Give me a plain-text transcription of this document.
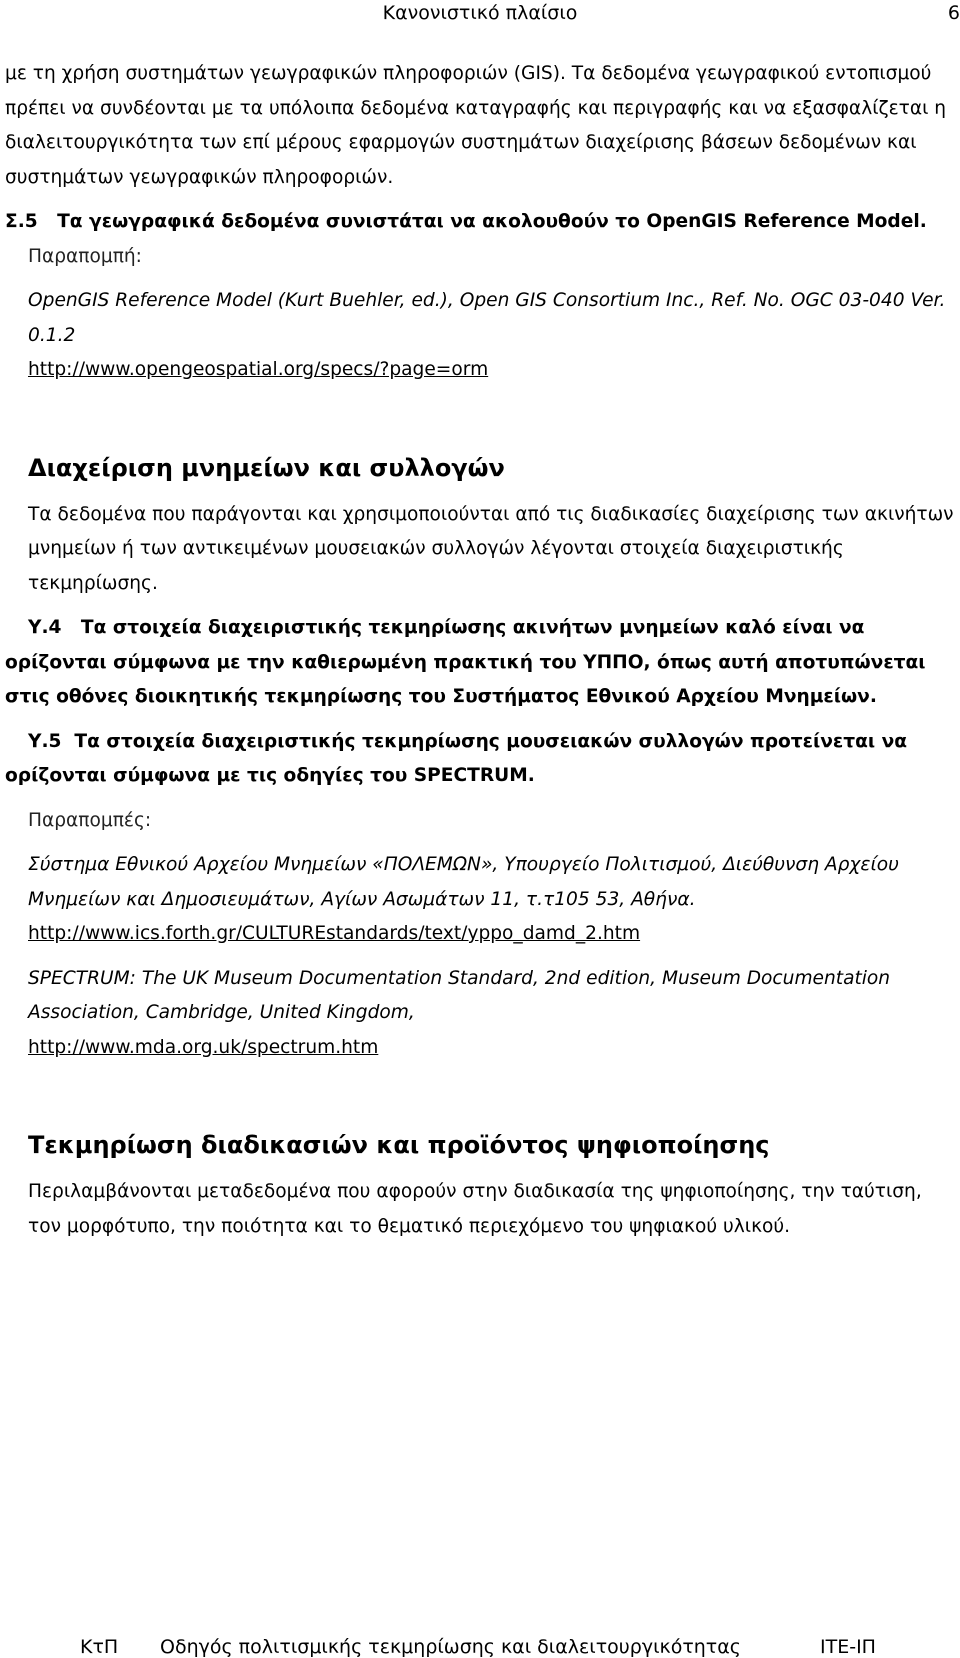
Κανονιστικό πλαίσιο	6

με τη χρήση συστημάτων γεωγραφικών πληροφοριών (GIS). Τα δεδομένα γεωγραφικού εντοπισμού πρέπει να συνδέονται με τα υπόλοιπα δεδομένα καταγραφής και περιγραφής και να εξασφαλίζεται η διαλειτουργικότητα των επί μέρους εφαρμογών συστημάτων διαχείρισης βάσεων δεδομένων και συστημάτων γεωγραφικών πληροφοριών.

Σ.5 Τα γεωγραφικά δεδομένα συνιστάται να ακολουθούν το OpenGIS Reference Model.

Παραπομπή:

OpenGIS Reference Model (Kurt Buehler, ed.), Open GIS Consortium Inc., Ref. No. OGC 03-040 Ver. 0.1.2

http://www.opengeospatial.org/specs/?page=orm

Διαχείριση μνημείων και συλλογών

Τα δεδομένα που παράγονται και χρησιμοποιούνται από τις διαδικασίες διαχείρισης των ακινήτων μνημείων ή των αντικειμένων μουσειακών συλλογών λέγονται στοιχεία διαχειριστικής τεκμηρίωσης.

Υ.4 Τα στοιχεία διαχειριστικής τεκμηρίωσης ακινήτων μνημείων καλό είναι να ορίζονται σύμφωνα με την καθιερωμένη πρακτική του ΥΠΠΟ, όπως αυτή αποτυπώνεται στις οθόνες διοικητικής τεκμηρίωσης του Συστήματος Εθνικού Αρχείου Μνημείων.

Υ.5 Τα στοιχεία διαχειριστικής τεκμηρίωσης μουσειακών συλλογών προτείνεται να ορίζονται σύμφωνα με τις οδηγίες του SPECTRUM.

Παραπομπές:

Σύστημα Εθνικού Αρχείου Μνημείων «ΠΟΛΕΜΩΝ», Υπουργείο Πολιτισμού, Διεύθυνση Αρχείου Μνημείων και Δημοσιευμάτων, Αγίων Ασωμάτων 11, τ.τ105 53, Αθήνα.

http://www.ics.forth.gr/CULTUREstandards/text/yppo_damd_2.htm

SPECTRUM: The UK Museum Documentation Standard, 2nd edition, Museum Documentation Association, Cambridge, United Kingdom,

http://www.mda.org.uk/spectrum.htm

Τεκμηρίωση διαδικασιών και προϊόντος ψηφιοποίησης

Περιλαμβάνονται μεταδεδομένα που αφορούν στην διαδικασία της ψηφιοποίησης, την ταύτιση, τον μορφότυπο, την ποιότητα και το θεματικό περιεχόμενο του ψηφιακού υλικού.

ΚτΠ Οδηγός πολιτισμικής τεκμηρίωσης και διαλειτουργικότητας	ΙΤΕ-ΙΠ
